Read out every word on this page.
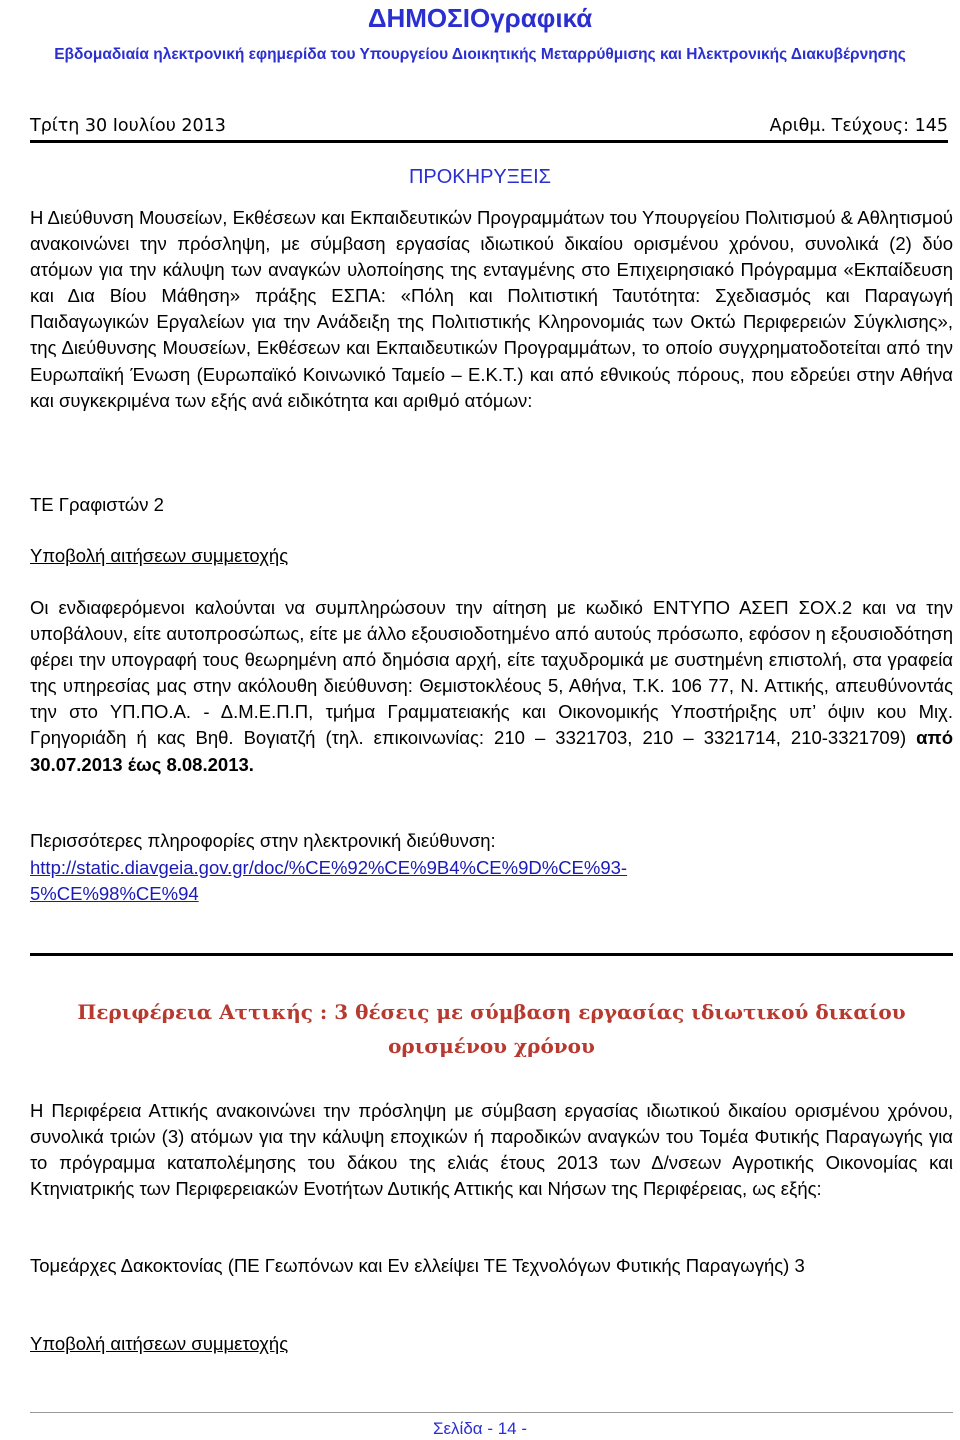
ΔΗΜΟΣΙΟγραφικά
Εβδομαδιαία ηλεκτρονική εφημερίδα του Υπουργείου Διοικητικής Μεταρρύθμισης και Ηλεκτρονικής Διακυβέρνησης
Τρίτη 30 Ιουλίου 2013	Αριθμ. Τεύχους: 145
ΠΡΟΚΗΡΥΞΕΙΣ

Η Διεύθυνση Μουσείων, Εκθέσεων και Εκπαιδευτικών Προγραμμάτων του Υπουργείου Πολιτισμού & Αθλητισμού ανακοινώνει την πρόσληψη, με σύμβαση εργασίας ιδιωτικού δικαίου ορισμένου χρόνου, συνολικά (2) δύο ατόμων για την κάλυψη των αναγκών υλοποίησης της ενταγμένης στο Επιχειρησιακό Πρόγραμμα «Εκπαίδευση και Δια Βίου Μάθηση» πράξης ΕΣΠΑ: «Πόλη και Πολιτιστική Ταυτότητα: Σχεδιασμός και Παραγωγή Παιδαγωγικών Εργαλείων για την Ανάδειξη της Πολιτιστικής Κληρονομιάς των Οκτώ Περιφερειών Σύγκλισης», της Διεύθυνσης Μουσείων, Εκθέσεων και Εκπαιδευτικών Προγραμμάτων, το οποίο συγχρηματοδοτείται από την Ευρωπαϊκή Ένωση (Ευρωπαϊκό Κοινωνικό Ταμείο – Ε.Κ.Τ.) και από εθνικούς πόρους, που εδρεύει στην Αθήνα και συγκεκριμένα των εξής ανά ειδικότητα και αριθμό ατόμων:

ΤΕ Γραφιστών 2

Υποβολή αιτήσεων συμμετοχής

Οι ενδιαφερόμενοι καλούνται να συμπληρώσουν την αίτηση με κωδικό ΕΝΤΥΠΟ ΑΣΕΠ ΣΟΧ.2 και να την υποβάλουν, είτε αυτοπροσώπως, είτε με άλλο εξουσιοδοτημένο από αυτούς πρόσωπο, εφόσον η εξουσιοδότηση φέρει την υπογραφή τους θεωρημένη από δημόσια αρχή, είτε ταχυδρομικά με συστημένη επιστολή, στα γραφεία της υπηρεσίας μας στην ακόλουθη διεύθυνση: Θεμιστοκλέους 5, Αθήνα, Τ.Κ. 106 77, Ν. Αττικής, απευθύνοντάς την στο ΥΠ.ΠΟ.Α. - Δ.Μ.Ε.Π.Π, τμήμα Γραμματειακής και Οικονομικής Υποστήριξης υπ’ όψιν κου Μιχ. Γρηγοριάδη ή κας Βηθ. Βογιατζή (τηλ. επικοινωνίας: 210 – 3321703, 210 – 3321714, 210-3321709) από 30.07.2013 έως 8.08.2013.

Περισσότερες πληροφορίες στην ηλεκτρονική διεύθυνση:

http://static.diavgeia.gov.gr/doc/%CE%92%CE%9B4%CE%9D%CE%93-
5%CE%98%CE%94

Περιφέρεια Αττικής : 3 θέσεις με σύμβαση εργασίας ιδιωτικού δικαίου
ορισμένου χρόνου

Η Περιφέρεια Αττικής ανακοινώνει την πρόσληψη με σύμβαση εργασίας ιδιωτικού δικαίου ορισμένου χρόνου, συνολικά τριών (3) ατόμων για την κάλυψη εποχικών ή παροδικών αναγκών του Τομέα Φυτικής Παραγωγής για το πρόγραμμα καταπολέμησης του δάκου της ελιάς έτους 2013 των Δ/νσεων Αγροτικής Οικονομίας και Κτηνιατρικής των Περιφερειακών Ενοτήτων Δυτικής Αττικής και Νήσων της Περιφέρειας, ως εξής:

Τομεάρχες Δακοκτονίας (ΠΕ Γεωπόνων και Εν ελλείψει ΤΕ Τεχνολόγων Φυτικής Παραγωγής) 3

Υποβολή αιτήσεων συμμετοχής

Σελίδα - 14 -
